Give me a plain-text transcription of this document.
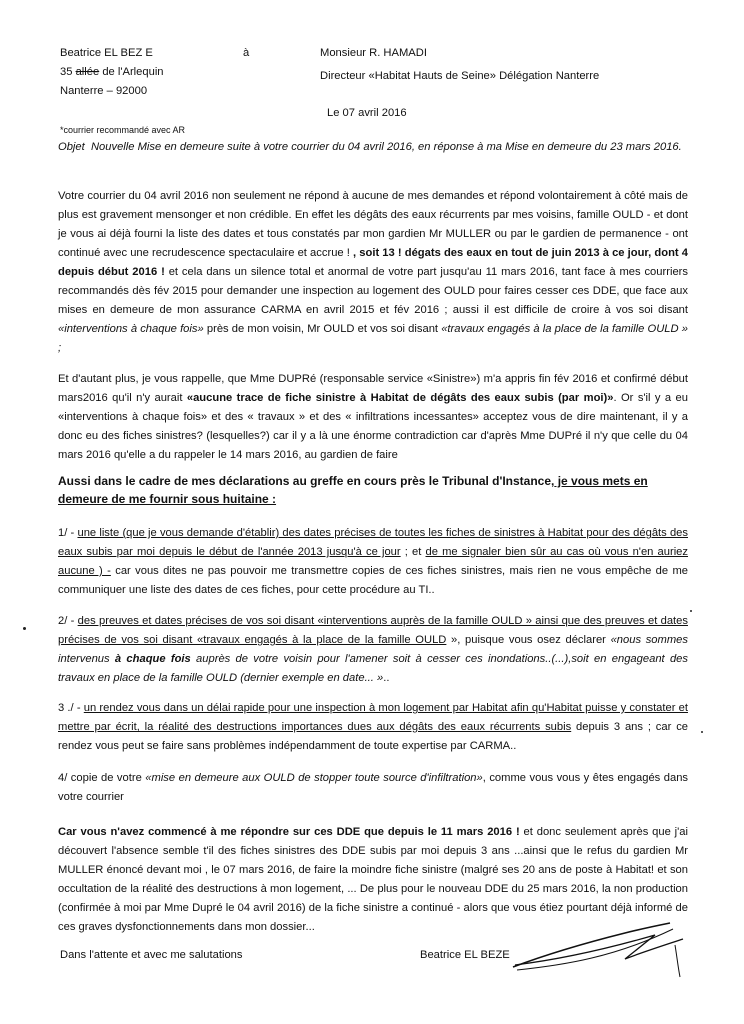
Beatrice EL BEZ E
35 allée de l'Arlequin
Nanterre – 92000
à	Monsieur R. HAMADI
Directeur «Habitat Hauts de Seine» Délégation Nanterre
Le 07 avril 2016
*courrier recommandé avec AR
Objet Nouvelle Mise en demeure suite à votre courrier du 04 avril 2016, en réponse à ma Mise en demeure du 23 mars 2016.

Votre courrier du 04 avril 2016 non seulement ne répond à aucune de mes demandes et répond volontairement à côté mais de plus est gravement mensonger et non crédible. En effet les dégâts des eaux récurrents par mes voisins, famille OULD - et dont je vous ai déjà fourni la liste des dates et tous constatés par mon gardien Mr MULLER ou par le gardien de permanence - ont continué avec une recrudescence spectaculaire et accrue ! , soit 13 ! dégats des eaux en tout de juin 2013 à ce jour, dont 4 depuis début 2016 ! et cela dans un silence total et anormal de votre part jusqu'au 11 mars 2016, tant face à mes courriers recommandés dès fév 2015 pour demander une inspection au logement des OULD pour faires cesser ces DDE, que face aux mises en demeure de mon assurance CARMA en avril 2015 et fév 2016 ; aussi il est difficile de croire à vos soi disant «interventions à chaque fois» près de mon voisin, Mr OULD et vos soi disant «travaux engagés à la place de la famille OULD » ;

Et d'autant plus, je vous rappelle, que Mme DUPRé (responsable service «Sinistre») m'a appris fin fév 2016 et confirmé début mars2016 qu'il n'y aurait «aucune trace de fiche sinistre à Habitat de dégâts des eaux subis (par moi)». Or s'il y a eu «interventions à chaque fois» et des « travaux » et des « infiltrations incessantes» acceptez vous de dire maintenant, il y a donc eu des fiches sinistres? (lesquelles?) car il y a là une énorme contradiction car d'après Mme DUPré il n'y que celle du 04 mars 2016 qu'elle a du rappeler le 14 mars 2016, au gardien de faire

Aussi dans le cadre de mes déclarations au greffe en cours près le Tribunal d'Instance, je vous mets en demeure de me fournir sous huitaine :

1/ - une liste (que je vous demande d'établir) des dates précises de toutes les fiches de sinistres à Habitat pour des dégâts des eaux subis par moi depuis le début de l'année 2013 jusqu'à ce jour ; et de me signaler bien sûr au cas où vous n'en auriez aucune ) - car vous dites ne pas pouvoir me transmettre copies de ces fiches sinistres, mais rien ne vous empêche de me communiquer une liste des dates de ces fiches, pour cette procédure au TI..

2/ - des preuves et dates précises de vos soi disant «interventions auprès de la famille OULD » ainsi que des preuves et dates précises de vos soi disant «travaux engagés à la place de la famille OULD », puisque vous osez déclarer «nous sommes intervenus à chaque fois auprès de votre voisin pour l'amener soit à cesser ces inondations..(...),soit en engageant des travaux en place de la famille OULD (dernier exemple en date... »..

3 ./ - un rendez vous dans un délai rapide pour une inspection à mon logement par Habitat afin qu'Habitat puisse y constater et mettre par écrit, la réalité des destructions importances dues aux dégâts des eaux récurrents subis depuis 3 ans ; car ce rendez vous peut se faire sans problèmes indépendamment de toute expertise par CARMA..

4/ copie de votre «mise en demeure aux OULD de stopper toute source d'infiltration», comme vous vous y êtes engagés dans votre courrier

Car vous n'avez commencé à me répondre sur ces DDE que depuis le 11 mars 2016 ! et donc seulement après que j'ai découvert l'absence semble t'il des fiches sinistres des DDE subis par moi depuis 3 ans ...ainsi que le refus du gardien Mr MULLER énoncé devant moi , le 07 mars 2016, de faire la moindre fiche sinistre (malgré ses 20 ans de poste à Habitat! et son occultation de la réalité des destructions à mon logement, ... De plus pour le nouveau DDE du 25 mars 2016, la non production (confirmée à moi par Mme Dupré le 04 avril 2016) de la fiche sinistre a continué - alors que vous étiez pourtant déjà informé de ces graves dysfonctionnements dans mon dossier...

Dans l'attente et avec me salutations	Beatrice EL BEZE
